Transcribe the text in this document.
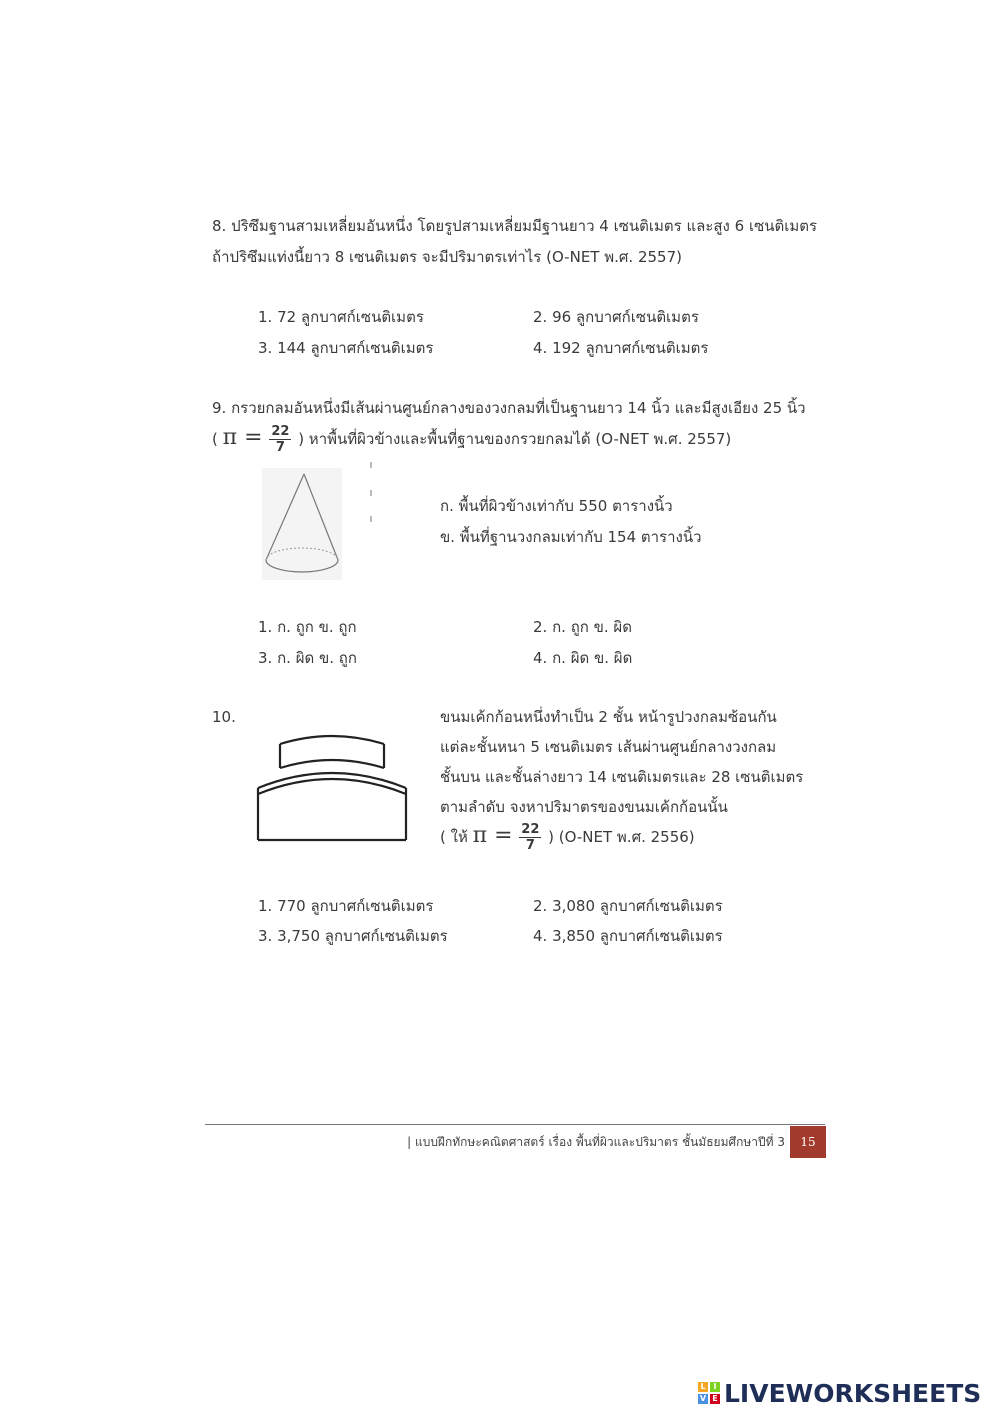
8. ปริซึมฐานสามเหลี่ยมอันหนึ่ง โดยรูปสามเหลี่ยมมีฐานยาว 4 เซนติเมตร และสูง 6 เซนติเมตร
ถ้าปริซึมแท่งนี้ยาว 8 เซนติเมตร จะมีปริมาตรเท่าไร (O-NET พ.ศ. 2557)
1. 72 ลูกบาศก์เซนติเมตร	2. 96 ลูกบาศก์เซนติเมตร
3. 144 ลูกบาศก์เซนติเมตร	4. 192 ลูกบาศก์เซนติเมตร
9. กรวยกลมอันหนึ่งมีเส้นผ่านศูนย์กลางของวงกลมที่เป็นฐานยาว 14 นิ้ว และมีสูงเอียง 25 นิ้ว
( $\pi = \frac{22}{7}$ ) หาพื้นที่ผิวข้างและพื้นที่ฐานของกรวยกลมได้ (O-NET พ.ศ. 2557)
ก. พื้นที่ผิวข้างเท่ากับ 550 ตารางนิ้ว
ข. พื้นที่ฐานวงกลมเท่ากับ 154 ตารางนิ้ว
1. ก. ถูก ข. ถูก	2. ก. ถูก ข. ผิด
3. ก. ผิด ข. ถูก	4. ก. ผิด ข. ผิด
10.	ขนมเค้กก้อนหนึ่งทำเป็น 2 ชั้น หน้ารูปวงกลมซ้อนกัน
แต่ละชั้นหนา 5 เซนติเมตร เส้นผ่านศูนย์กลางวงกลม
ชั้นบน และชั้นล่างยาว 14 เซนติเมตรและ 28 เซนติเมตร
ตามลำดับ จงหาปริมาตรของขนมเค้กก้อนนั้น
( ให้ $\pi = \frac{22}{7}$ ) (O-NET พ.ศ. 2556)
1. 770 ลูกบาศก์เซนติเมตร	2. 3,080 ลูกบาศก์เซนติเมตร
3. 3,750 ลูกบาศก์เซนติเมตร	4. 3,850 ลูกบาศก์เซนติเมตร
| แบบฝึกทักษะคณิตศาสตร์ เรื่อง พื้นที่ผิวและปริมาตร ชั้นมัธยมศึกษาปีที่ 3	15
L I
V E LIVEWORKSHEETS
